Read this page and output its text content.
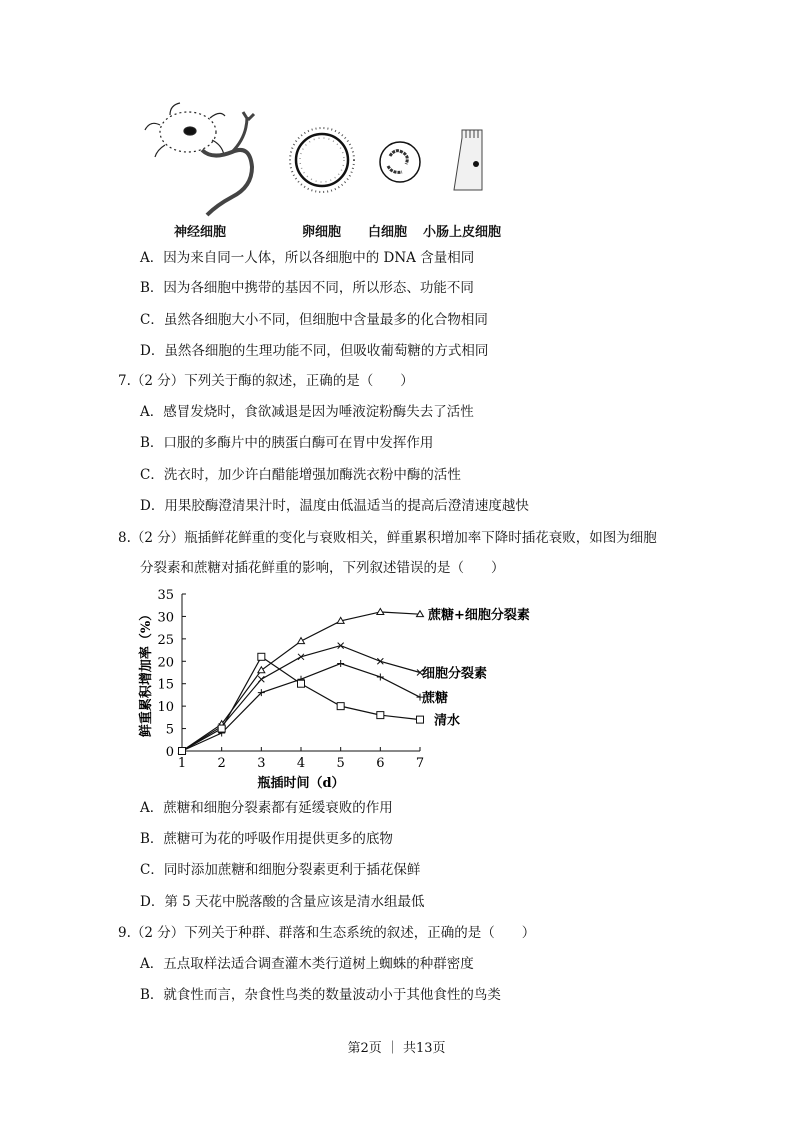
神经细胞	卵细胞 白细胞 小肠上皮细胞
A．因为来自同一人体，所以各细胞中的 DNA 含量相同
B．因为各细胞中携带的基因不同，所以形态、功能不同
C．虽然各细胞大小不同，但细胞中含量最多的化合物相同
D．虽然各细胞的生理功能不同，但吸收葡萄糖的方式相同
7.（2 分）下列关于酶的叙述，正确的是（　　）
A．感冒发烧时，食欲减退是因为唾液淀粉酶失去了活性
B．口服的多酶片中的胰蛋白酶可在胃中发挥作用
C．洗衣时，加少许白醋能增强加酶洗衣粉中酶的活性
D．用果胶酶澄清果汁时，温度由低温适当的提高后澄清速度越快
8.（2 分）瓶插鲜花鲜重的变化与衰败相关，鲜重累积增加率下降时插花衰败，如图为细胞
分裂素和蔗糖对插花鲜重的影响，下列叙述错误的是（　　）
1 2 3 4 5 6 7
0
5
10
15
20
25
30
35
瓶插时间（d）
鲜重累积增加率（%）	蔗糖+细胞分裂素
细胞分裂素
蔗糖
清水
A．蔗糖和细胞分裂素都有延缓衰败的作用
B．蔗糖可为花的呼吸作用提供更多的底物
C．同时添加蔗糖和细胞分裂素更利于插花保鲜
D．第 5 天花中脱落酸的含量应该是清水组最低
9.（2 分）下列关于种群、群落和生态系统的叙述，正确的是（　　）
A．五点取样法适合调查灌木类行道树上蜘蛛的种群密度
B．就食性而言，杂食性鸟类的数量波动小于其他食性的鸟类
第2页 ｜ 共13页
